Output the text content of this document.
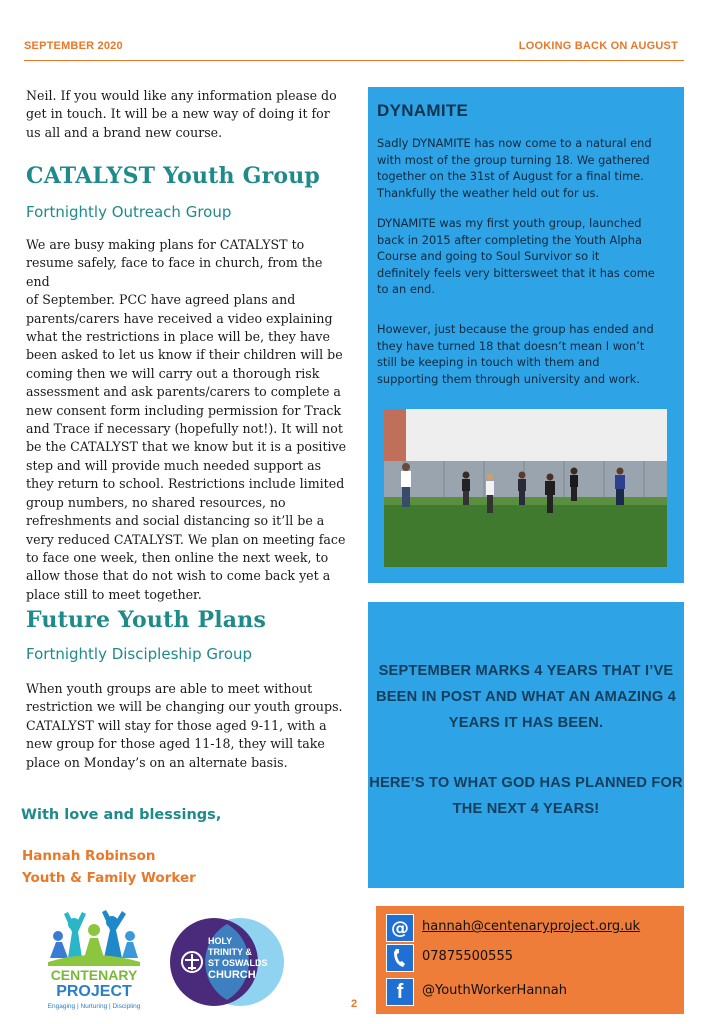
SEPTEMBER 2020	LOOKING BACK ON AUGUST
Neil. If you would like any information please do
get in touch. It will be a new way of doing it for
us all and a brand new course.
CATALYST Youth Group
Fortnightly Outreach Group
We are busy making plans for CATALYST to
resume safely, face to face in church, from the end
of September. PCC have agreed plans and
parents/carers have received a video explaining
what the restrictions in place will be, they have
been asked to let us know if their children will be
coming then we will carry out a thorough risk
assessment and ask parents/carers to complete a
new consent form including permission for Track
and Trace if necessary (hopefully not!). It will not
be the CATALYST that we know but it is a positive
step and will provide much needed support as
they return to school. Restrictions include limited
group numbers, no shared resources, no
refreshments and social distancing so it’ll be a
very reduced CATALYST. We plan on meeting face
to face one week, then online the next week, to
allow those that do not wish to come back yet a
place still to meet together.
Future Youth Plans
Fortnightly Discipleship Group
When youth groups are able to meet without
restriction we will be changing our youth groups.
CATALYST will stay for those aged 9-11, with a
new group for those aged 11-18, they will take
place on Monday’s on an alternate basis.
With love and blessings,
Hannah Robinson
Youth & Family Worker
CENTENARY
PROJECT
Engaging | Nurturing | Discipling
HOLY
TRINITY &
ST OSWALDS
CHURCH
DYNAMITE
Sadly DYNAMITE has now come to a natural end
with most of the group turning 18. We gathered
together on the 31st of August for a final time.
Thankfully the weather held out for us.
DYNAMITE was my first youth group, launched
back in 2015 after completing the Youth Alpha
Course and going to Soul Survivor so it
definitely feels very bittersweet that it has come
to an end.
However, just because the group has ended and
they have turned 18 that doesn’t mean I won’t
still be keeping in touch with them and
supporting them through university and work.
SEPTEMBER MARKS 4 YEARS THAT I’VE
BEEN IN POST AND WHAT AN AMAZING 4
YEARS IT HAS BEEN.
HERE’S TO WHAT GOD HAS PLANNED FOR
THE NEXT 4 YEARS!
@	hannah@centenaryproject.org.uk
07875500555
f	@YouthWorkerHannah
2
